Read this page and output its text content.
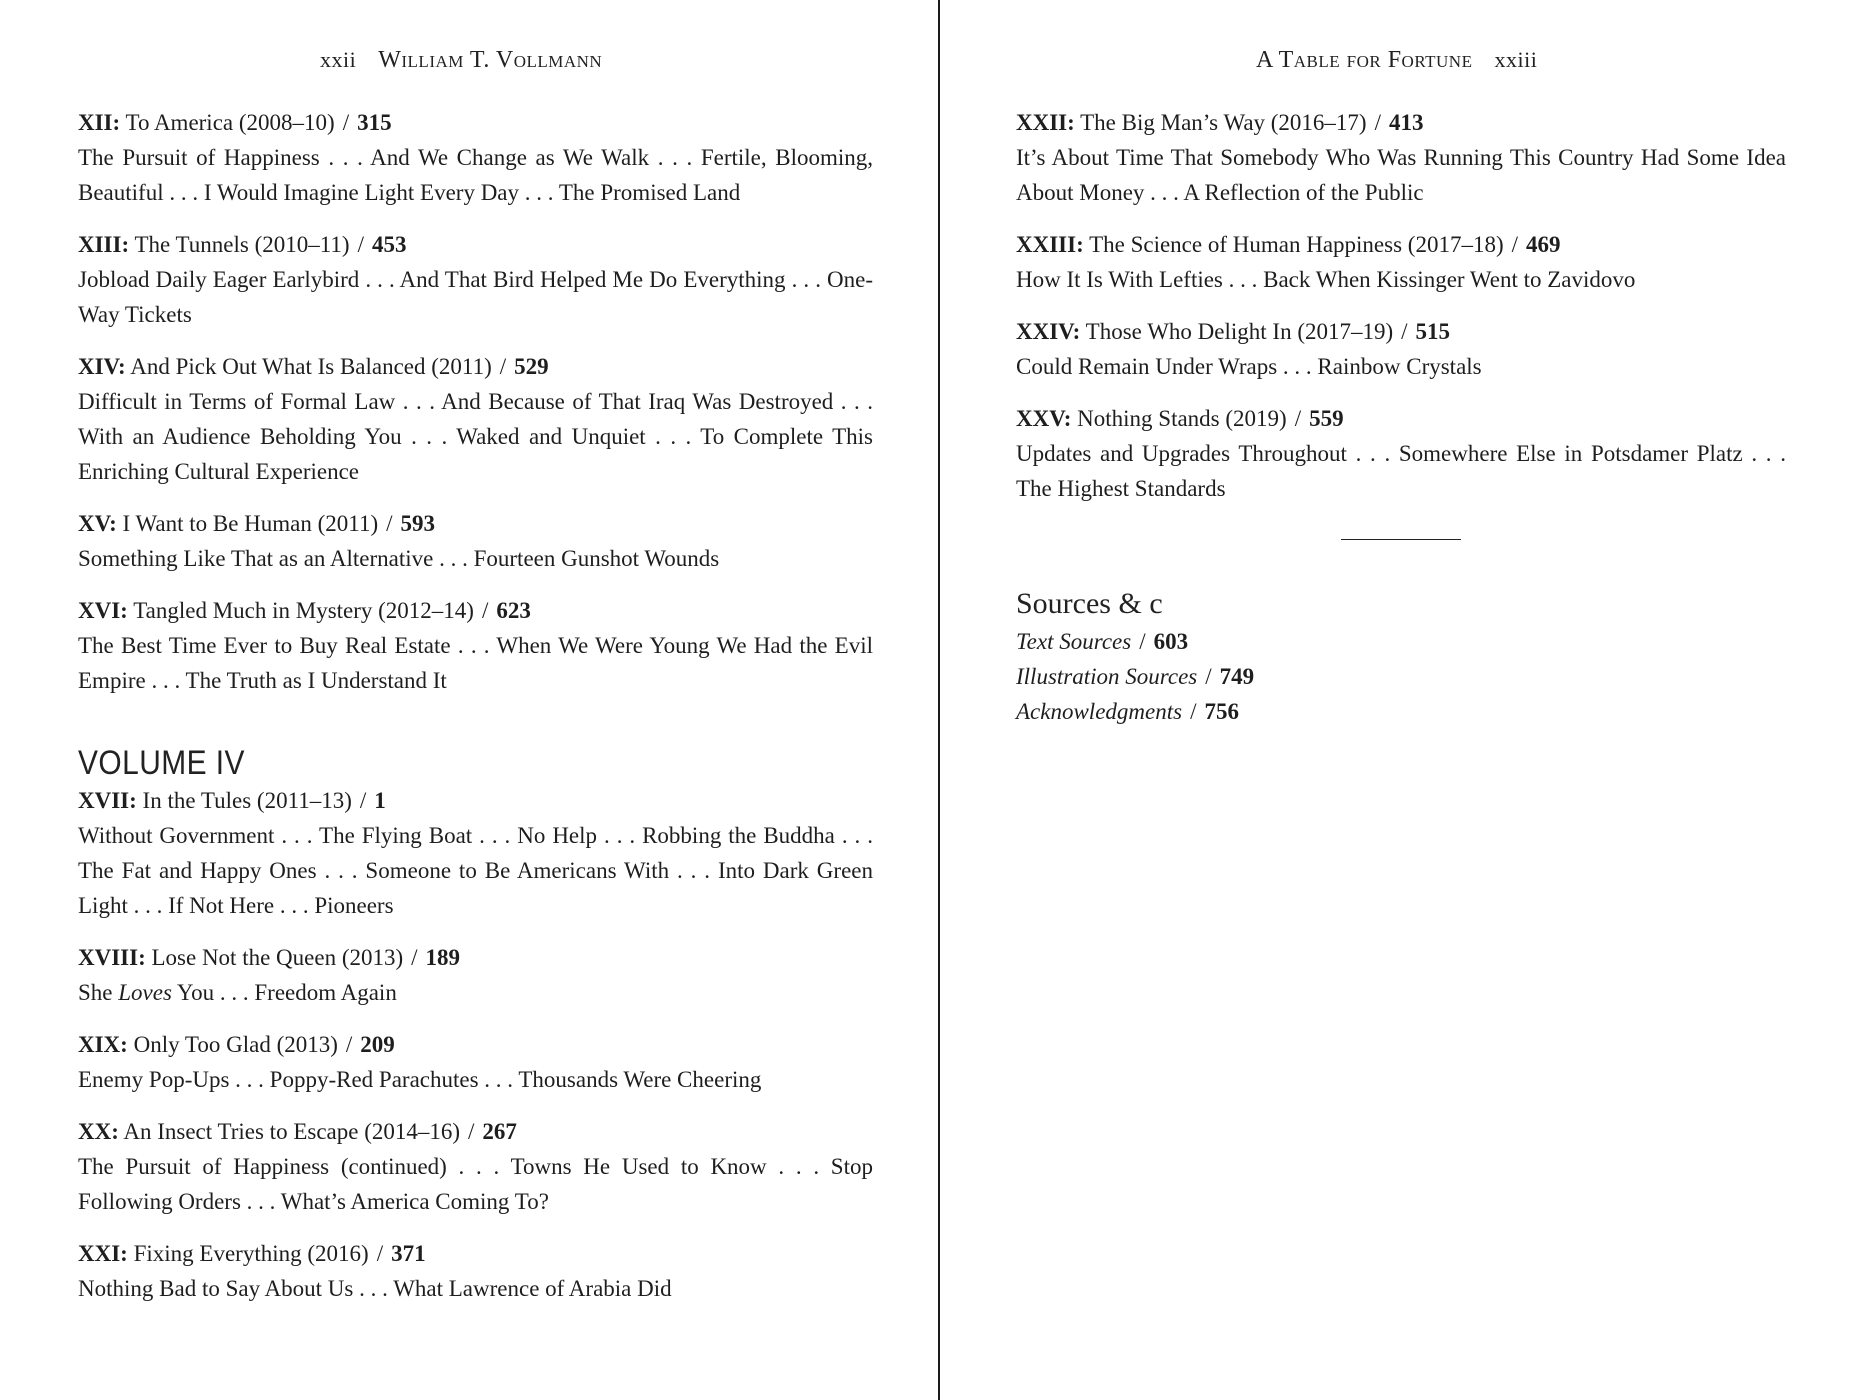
xxii William T. Vollmann
XII: To America (2008–10) / 315
The Pursuit of Happiness . . . And We Change as We Walk . . . Fertile, Blooming, Beautiful . . . I Would Imagine Light Every Day . . . The Promised Land
XIII: The Tunnels (2010–11) / 453
Jobload Daily Eager Earlybird . . . And That Bird Helped Me Do Everything . . . One-Way Tickets
XIV: And Pick Out What Is Balanced (2011) / 529
Difficult in Terms of Formal Law . . . And Because of That Iraq Was Destroyed . . . With an Audience Beholding You . . . Waked and Unquiet . . . To Complete This Enriching Cultural Experience
XV: I Want to Be Human (2011) / 593
Something Like That as an Alternative . . . Fourteen Gunshot Wounds
XVI: Tangled Much in Mystery (2012–14) / 623
The Best Time Ever to Buy Real Estate . . . When We Were Young We Had the Evil Empire . . . The Truth as I Understand It
VOLUME IV
XVII: In the Tules (2011–13) / 1
Without Government . . . The Flying Boat . . . No Help . . . Robbing the Buddha . . . The Fat and Happy Ones . . . Someone to Be Americans With . . . Into Dark Green Light . . . If Not Here . . . Pioneers
XVIII: Lose Not the Queen (2013) / 189
She Loves You . . . Freedom Again
XIX: Only Too Glad (2013) / 209
Enemy Pop-Ups . . . Poppy-Red Parachutes . . . Thousands Were Cheering
XX: An Insect Tries to Escape (2014–16) / 267
The Pursuit of Happiness (continued) . . . Towns He Used to Know . . . Stop Following Orders . . . What’s America Coming To?
XXI: Fixing Everything (2016) / 371
Nothing Bad to Say About Us . . . What Lawrence of Arabia Did
A Table for Fortune xxiii
XXII: The Big Man’s Way (2016–17) / 413
It’s About Time That Somebody Who Was Running This Country Had Some Idea About Money . . . A Reflection of the Public
XXIII: The Science of Human Happiness (2017–18) / 469
How It Is With Lefties . . . Back When Kissinger Went to Zavidovo
XXIV: Those Who Delight In (2017–19) / 515
Could Remain Under Wraps . . . Rainbow Crystals
XXV: Nothing Stands (2019) / 559
Updates and Upgrades Throughout . . . Somewhere Else in Potsdamer Platz . . . The Highest Standards
Sources & c
Text Sources / 603
Illustration Sources / 749
Acknowledgments / 756
